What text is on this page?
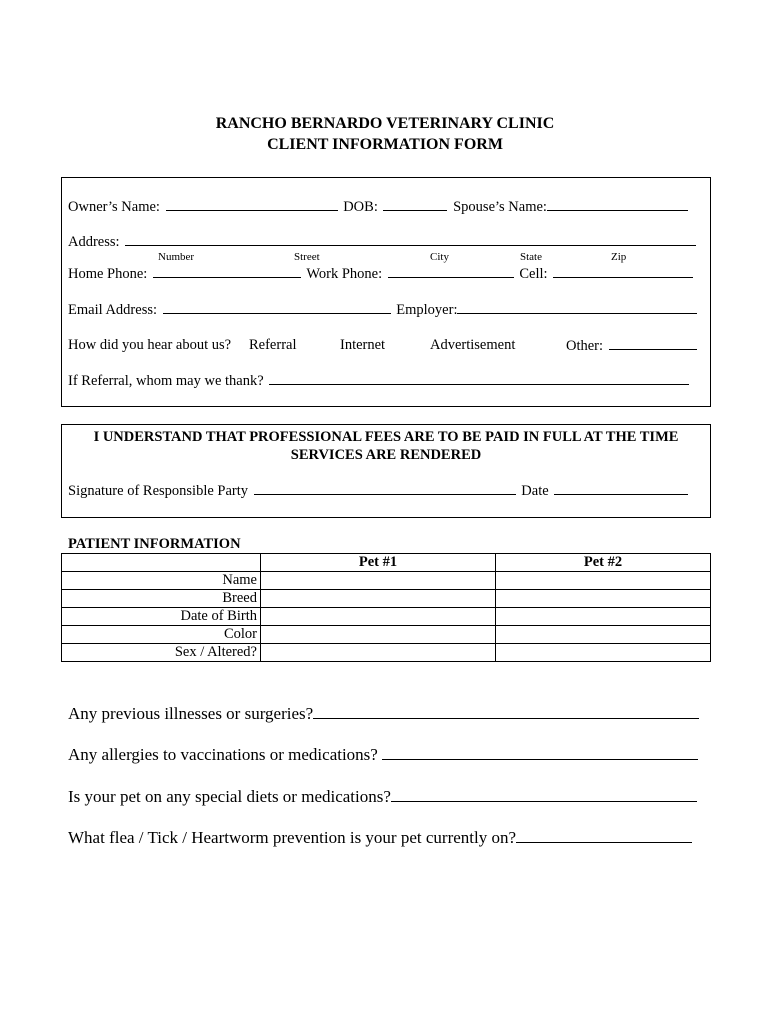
RANCHO BERNARDO VETERINARY CLINIC
CLIENT INFORMATION FORM
Owner’s Name:	DOB:	Spouse’s Name:
Address:
Number	Street	City	State	Zip
Home Phone:	Work Phone:	Cell:
Email Address:	Employer:
How did you hear about us? Referral	Internet	Advertisement	Other:
If Referral, whom may we thank?
I UNDERSTAND THAT PROFESSIONAL FEES ARE TO BE PAID IN FULL AT THE TIME SERVICES ARE RENDERED
Signature of Responsible Party	Date
PATIENT INFORMATION
	Pet #1	Pet #2
Name		
Breed		
Date of Birth		
Color		
Sex / Altered?		
Any previous illnesses or surgeries?
Any allergies to vaccinations or medications?
Is your pet on any special diets or medications?
What flea / Tick / Heartworm prevention is your pet currently on?
